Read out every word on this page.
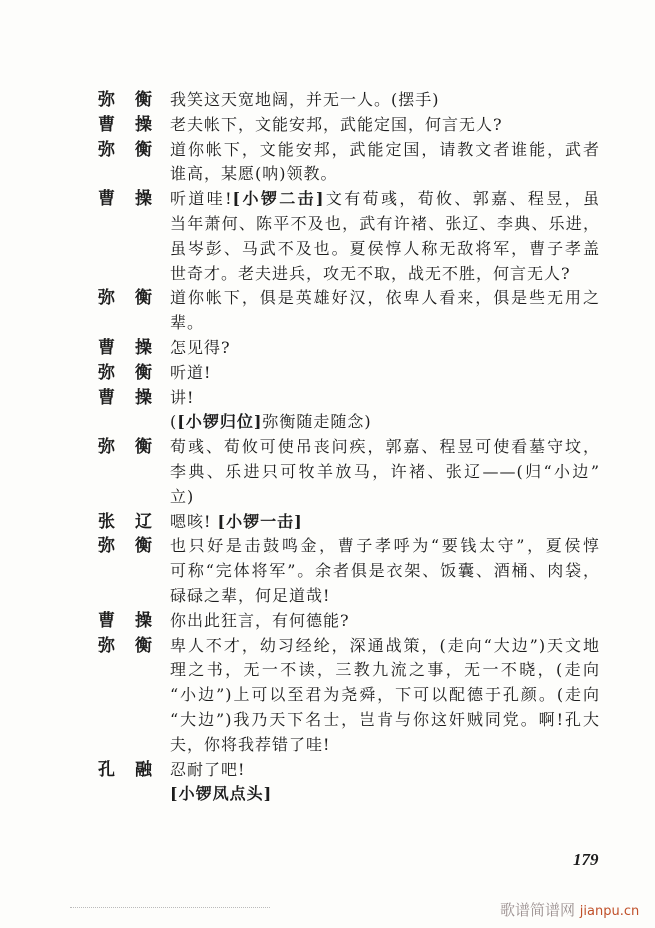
弥衡
我笑这天宽地阔，并无一人。(摆手)
曹操
老夫帐下，文能安邦，武能定国，何言无人?
弥衡
道你帐下，文能安邦，武能定国，请教文者谁能，武者
谁高，某愿(呐)领教。
曹操
听道哇![小锣二击]文有荀彧，荀攸、郭嘉、程昱，虽
当年萧何、陈平不及也，武有许褚、张辽、李典、乐进，
虽岑彭、马武不及也。夏侯惇人称无敌将军，曹子孝盖
世奇才。老夫进兵，攻无不取，战无不胜，何言无人?
弥衡
道你帐下，俱是英雄好汉，依卑人看来，俱是些无用之
辈。
曹操
怎见得?
弥衡
听道!
曹操
讲!
([小锣归位]弥衡随走随念)
弥衡
荀彧、荀攸可使吊丧问疾，郭嘉、程昱可使看墓守坟，
李典、乐进只可牧羊放马，许褚、张辽——(归“小边”
立)
张辽
嗯咳! [小锣一击]
弥衡
也只好是击鼓鸣金，曹子孝呼为“要钱太守”，夏侯惇
可称“完体将军”。余者俱是衣架、饭囊、酒桶、肉袋，
碌碌之辈，何足道哉!
曹操
你出此狂言，有何德能?
弥衡
卑人不才，幼习经纶，深通战策，(走向“大边”)天文地
理之书，无一不读，三教九流之事，无一不晓，(走向
“小边”)上可以至君为尧舜，下可以配德于孔颜。(走向
“大边”)我乃天下名士，岂肯与你这奸贼同党。啊!孔大
夫，你将我荐错了哇!
孔融
忍耐了吧!
[小锣凤点头]
179
歌谱简谱网 jianpu.cn
